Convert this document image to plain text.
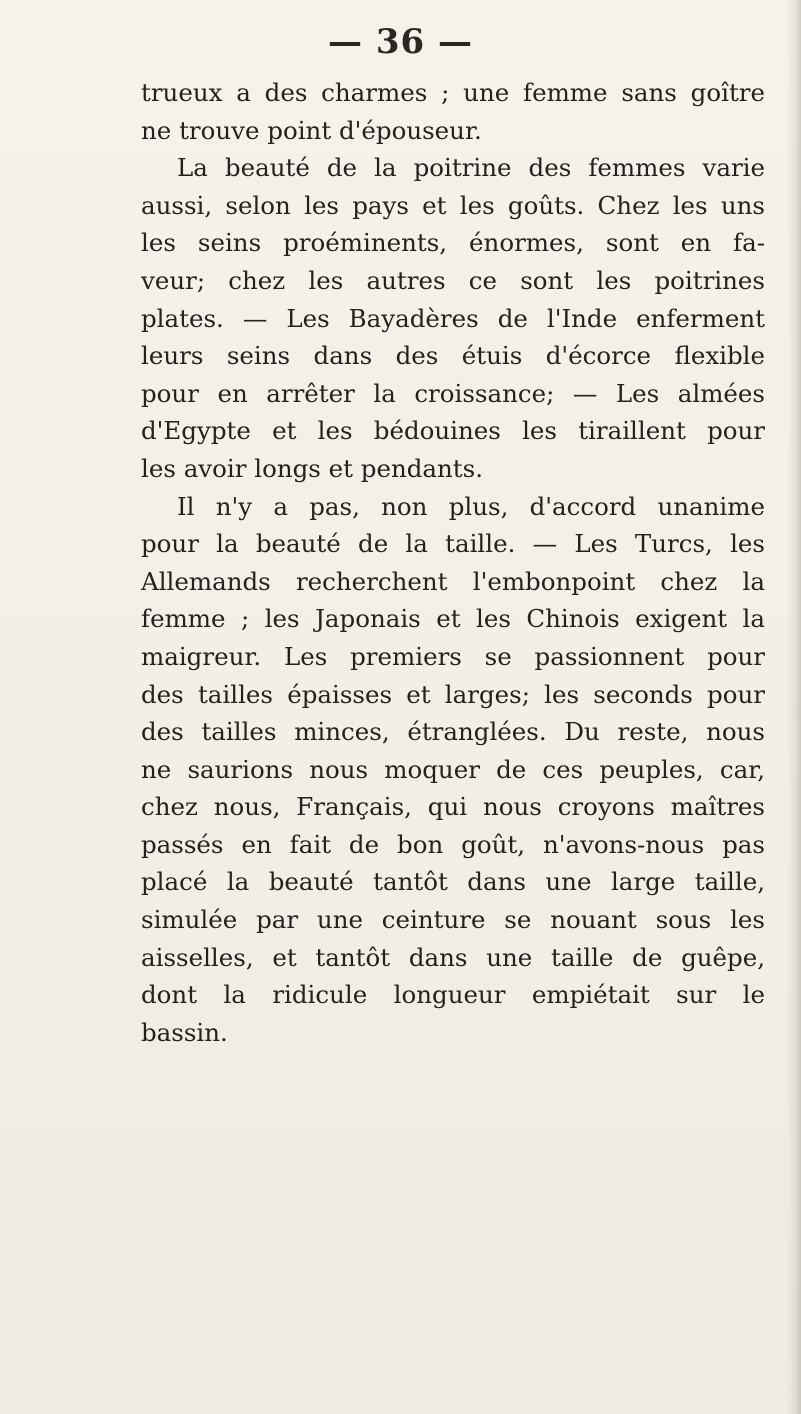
— 36 —
trueux a des charmes ; une femme sans goître
ne trouve point d'épouseur.
La beauté de la poitrine des femmes varie
aussi, selon les pays et les goûts. Chez les uns
les seins proéminents, énormes, sont en fa-
veur; chez les autres ce sont les poitrines
plates. — Les Bayadères de l'Inde enferment
leurs seins dans des étuis d'écorce flexible
pour en arrêter la croissance; — Les almées
d'Egypte et les bédouines les tiraillent pour
les avoir longs et pendants.
Il n'y a pas, non plus, d'accord unanime
pour la beauté de la taille. — Les Turcs, les
Allemands recherchent l'embonpoint chez la
femme ; les Japonais et les Chinois exigent la
maigreur. Les premiers se passionnent pour
des tailles épaisses et larges; les seconds pour
des tailles minces, étranglées. Du reste, nous
ne saurions nous moquer de ces peuples, car,
chez nous, Français, qui nous croyons maîtres
passés en fait de bon goût, n'avons-nous pas
placé la beauté tantôt dans une large taille,
simulée par une ceinture se nouant sous les
aisselles, et tantôt dans une taille de guêpe,
dont la ridicule longueur empiétait sur le
bassin.
